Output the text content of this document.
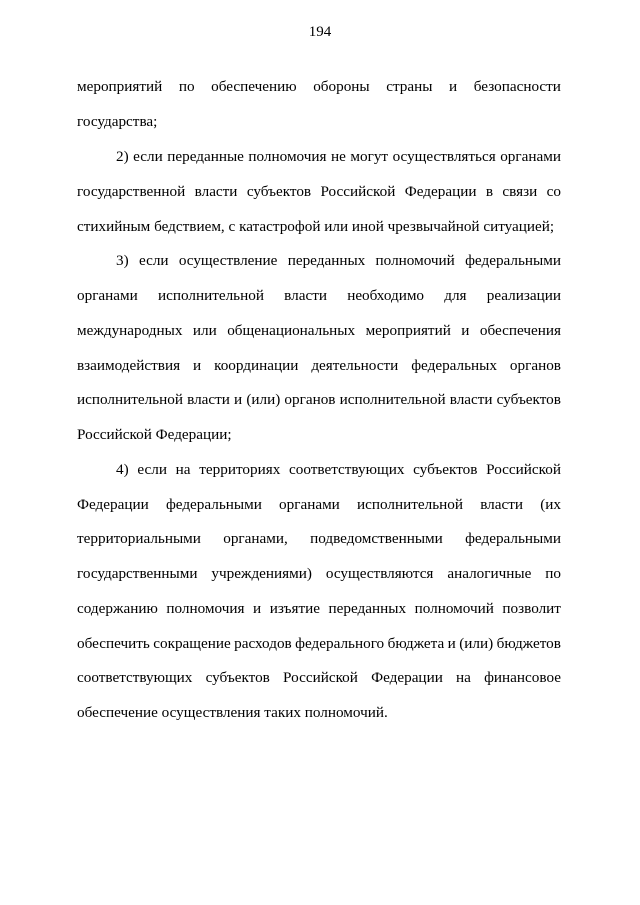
194
мероприятий по обеспечению обороны страны и безопасности
государства;
2) если переданные полномочия не могут осуществляться органами
государственной власти субъектов Российской Федерации в связи со
стихийным бедствием, с катастрофой или иной чрезвычайной ситуацией;
3) если осуществление переданных полномочий федеральными
органами исполнительной власти необходимо для реализации
международных или общенациональных мероприятий и обеспечения
взаимодействия и координации деятельности федеральных органов
исполнительной власти и (или) органов исполнительной власти субъектов
Российской Федерации;
4) если на территориях соответствующих субъектов Российской
Федерации федеральными органами исполнительной власти (их
территориальными органами, подведомственными федеральными
государственными учреждениями) осуществляются аналогичные по
содержанию полномочия и изъятие переданных полномочий позволит
обеспечить сокращение расходов федерального бюджета и (или) бюджетов
соответствующих субъектов Российской Федерации на финансовое
обеспечение осуществления таких полномочий.
